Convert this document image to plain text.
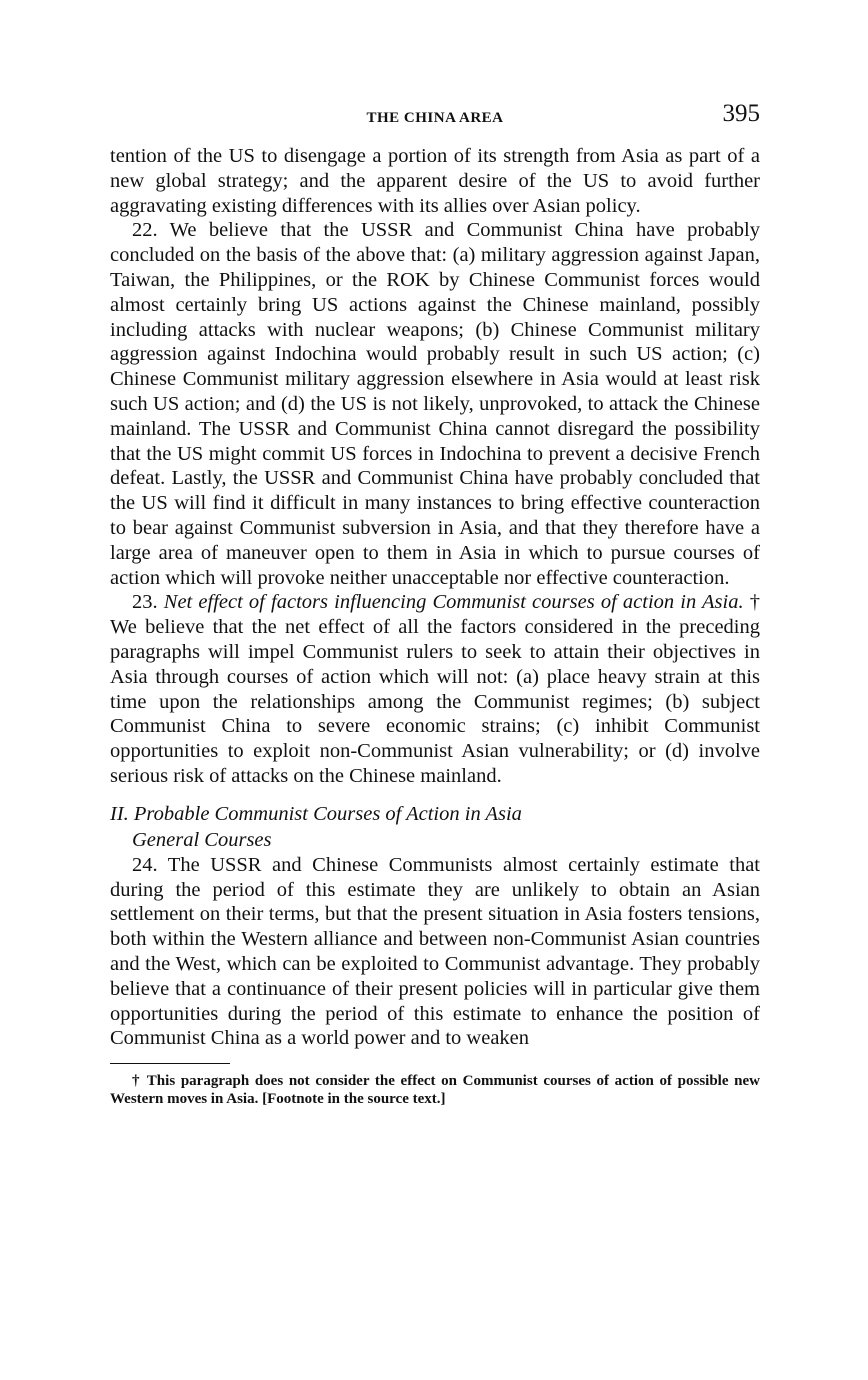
THE CHINA AREA	395

tention of the US to disengage a portion of its strength from Asia as part of a new global strategy; and the apparent desire of the US to avoid further aggravating existing differences with its allies over Asian policy.

22. We believe that the USSR and Communist China have probably concluded on the basis of the above that: (a) military aggression against Japan, Taiwan, the Philippines, or the ROK by Chinese Communist forces would almost certainly bring US actions against the Chinese mainland, possibly including attacks with nuclear weapons; (b) Chinese Communist military aggression against Indochina would probably result in such US action; (c) Chinese Communist military aggression elsewhere in Asia would at least risk such US action; and (d) the US is not likely, unprovoked, to attack the Chinese mainland. The USSR and Communist China cannot disregard the possibility that the US might commit US forces in Indochina to prevent a decisive French defeat. Lastly, the USSR and Communist China have probably concluded that the US will find it difficult in many instances to bring effective counteraction to bear against Communist subversion in Asia, and that they therefore have a large area of maneuver open to them in Asia in which to pursue courses of action which will provoke neither unacceptable nor effective counteraction.

23. Net effect of factors influencing Communist courses of action in Asia. † We believe that the net effect of all the factors considered in the preceding paragraphs will impel Communist rulers to seek to attain their objectives in Asia through courses of action which will not: (a) place heavy strain at this time upon the relationships among the Communist regimes; (b) subject Communist China to severe economic strains; (c) inhibit Communist opportunities to exploit non-Communist Asian vulnerability; or (d) involve serious risk of attacks on the Chinese mainland.

II. Probable Communist Courses of Action in Asia
General Courses

24. The USSR and Chinese Communists almost certainly estimate that during the period of this estimate they are unlikely to obtain an Asian settlement on their terms, but that the present situation in Asia fosters tensions, both within the Western alliance and between non-Communist Asian countries and the West, which can be exploited to Communist advantage. They probably believe that a continuance of their present policies will in particular give them opportunities during the period of this estimate to enhance the position of Communist China as a world power and to weaken

† This paragraph does not consider the effect on Communist courses of action of possible new Western moves in Asia. [Footnote in the source text.]
